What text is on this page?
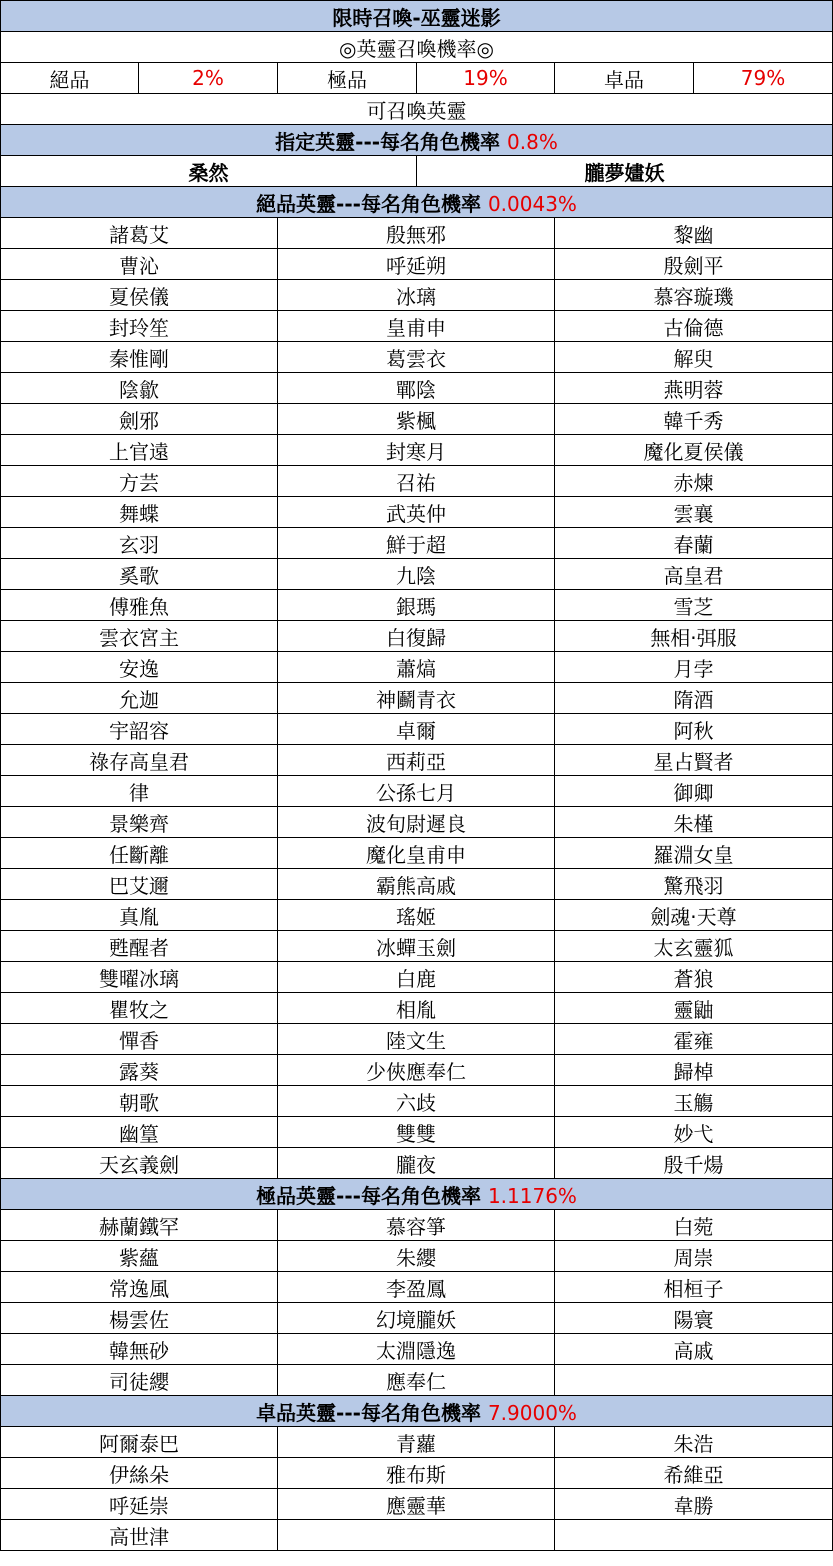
限時召喚-巫靈迷影					
◎英靈召喚機率◎					
絕品	2%	極品	19%	卓品	79%
可召喚英靈					
指定英靈---每名角色機率 0.8%					
桑然			朧夢嫿妖		
絕品英靈---每名角色機率 0.0043%					
諸葛艾		殷無邪		黎幽	
曹沁		呼延朔		殷劍平	
夏侯儀		冰璃		慕容璇璣	
封玲笙		皇甫申		古倫德	
秦惟剛		葛雲衣		解臾	
陰歙		鄲陰		燕明蓉	
劍邪		紫楓		韓千秀	
上官遠		封寒月		魔化夏侯儀	
方芸		召祐		赤煉	
舞蝶		武英仲		雲襄	
玄羽		鮮于超		春蘭	
奚歌		九陰		高皇君	
傅雅魚		銀瑪		雪芝	
雲衣宮主		白復歸		無相·弭服	
安逸		蕭熇		月孛	
允迦		神鬬青衣		隋酒	
宇韶容		卓爾		阿秋	
祿存高皇君		西莉亞		星占賢者	
律		公孫七月		御卿	
景樂齊		波旬尉遲良		朱槿	
任斷離		魔化皇甫申		羅淵女皇	
巴艾邇		霸熊高戚		驚飛羽	
真胤		瑤姬		劍魂·天尊	
甦醒者		冰蟬玉劍		太玄靈狐	
雙曜冰璃		白鹿		蒼狼	
瞿牧之		相胤		靈鼬	
憚香		陸文生		霍雍	
露葵		少俠應奉仁		歸棹	
朝歌		六歧		玉觴	
幽篁		雙雙		妙弋	
天玄義劍		朧夜		殷千煬	
極品英靈---每名角色機率 1.1176%					
赫蘭鐵罕		慕容箏		白菀	
紫蘊		朱纓		周崇	
常逸風		李盈鳳		相桓子	
楊雲佐		幻境朧妖		陽寰	
韓無砂		太淵隱逸		高戚	
司徒纓		應奉仁			
卓品英靈---每名角色機率 7.9000%					
阿爾泰巴		青蘿		朱浩	
伊絲朵		雅布斯		希維亞	
呼延崇		應靈華		韋勝	
高世津					
